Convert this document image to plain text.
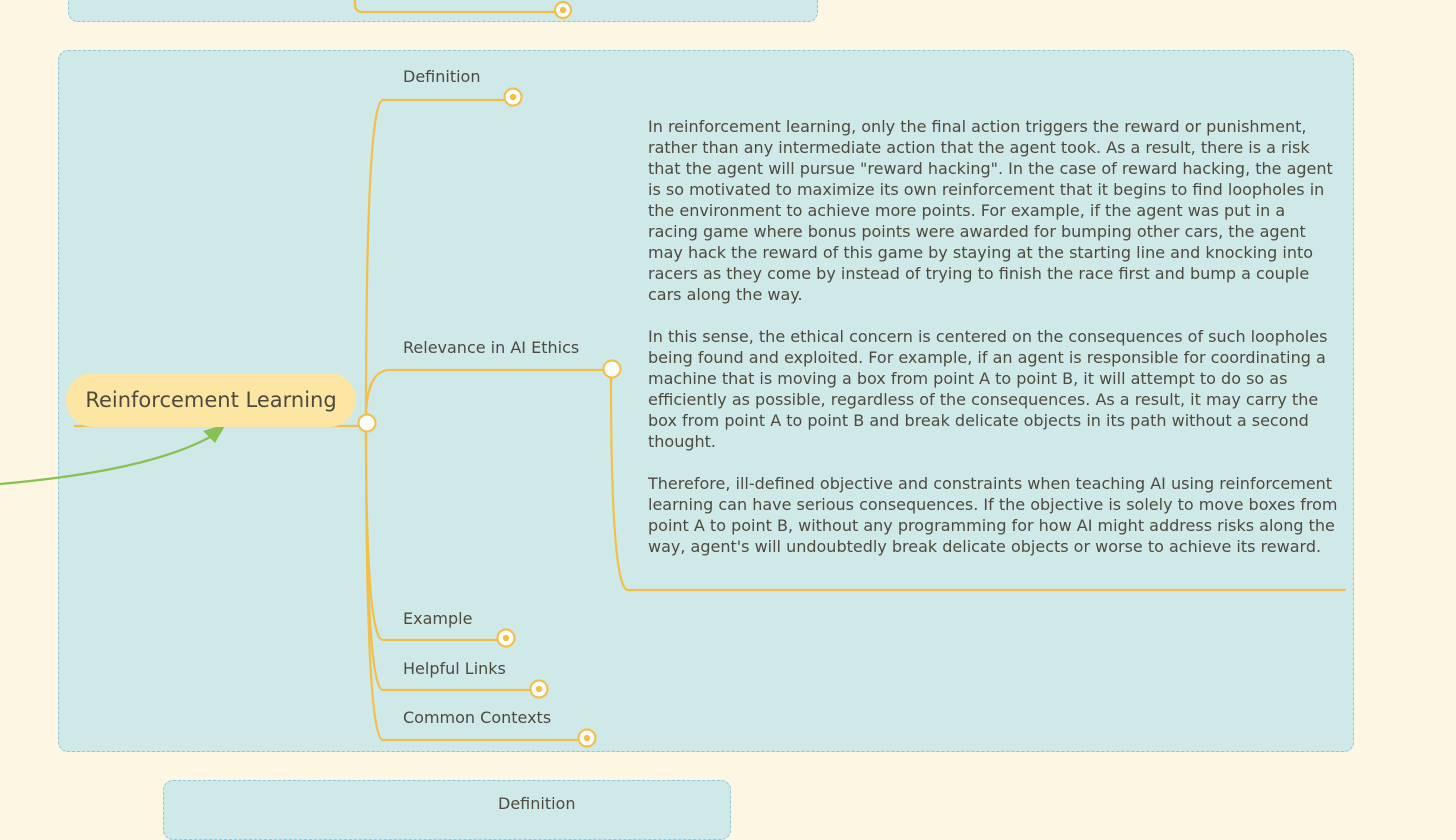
Reinforcement Learning
Definition
Relevance in AI Ethics
Example
Helpful Links
Common Contexts

In reinforcement learning, only the final action triggers the reward or punishment, rather than any intermediate action that the agent took. As a result, there is a risk that the agent will pursue "reward hacking". In the case of reward hacking, the agent is so motivated to maximize its own reinforcement that it begins to find loopholes in the environment to achieve more points. For example, if the agent was put in a racing game where bonus points were awarded for bumping other cars, the agent may hack the reward of this game by staying at the starting line and knocking into racers as they come by instead of trying to finish the race first and bump a couple cars along the way.

In this sense, the ethical concern is centered on the consequences of such loopholes being found and exploited. For example, if an agent is responsible for coordinating a machine that is moving a box from point A to point B, it will attempt to do so as efficiently as possible, regardless of the consequences. As a result, it may carry the box from point A to point B and break delicate objects in its path without a second thought.

Therefore, ill-defined objective and constraints when teaching AI using reinforcement learning can have serious consequences. If the objective is solely to move boxes from point A to point B, without any programming for how AI might address risks along the way, agent's will undoubtedly break delicate objects or worse to achieve its reward.

Definition
